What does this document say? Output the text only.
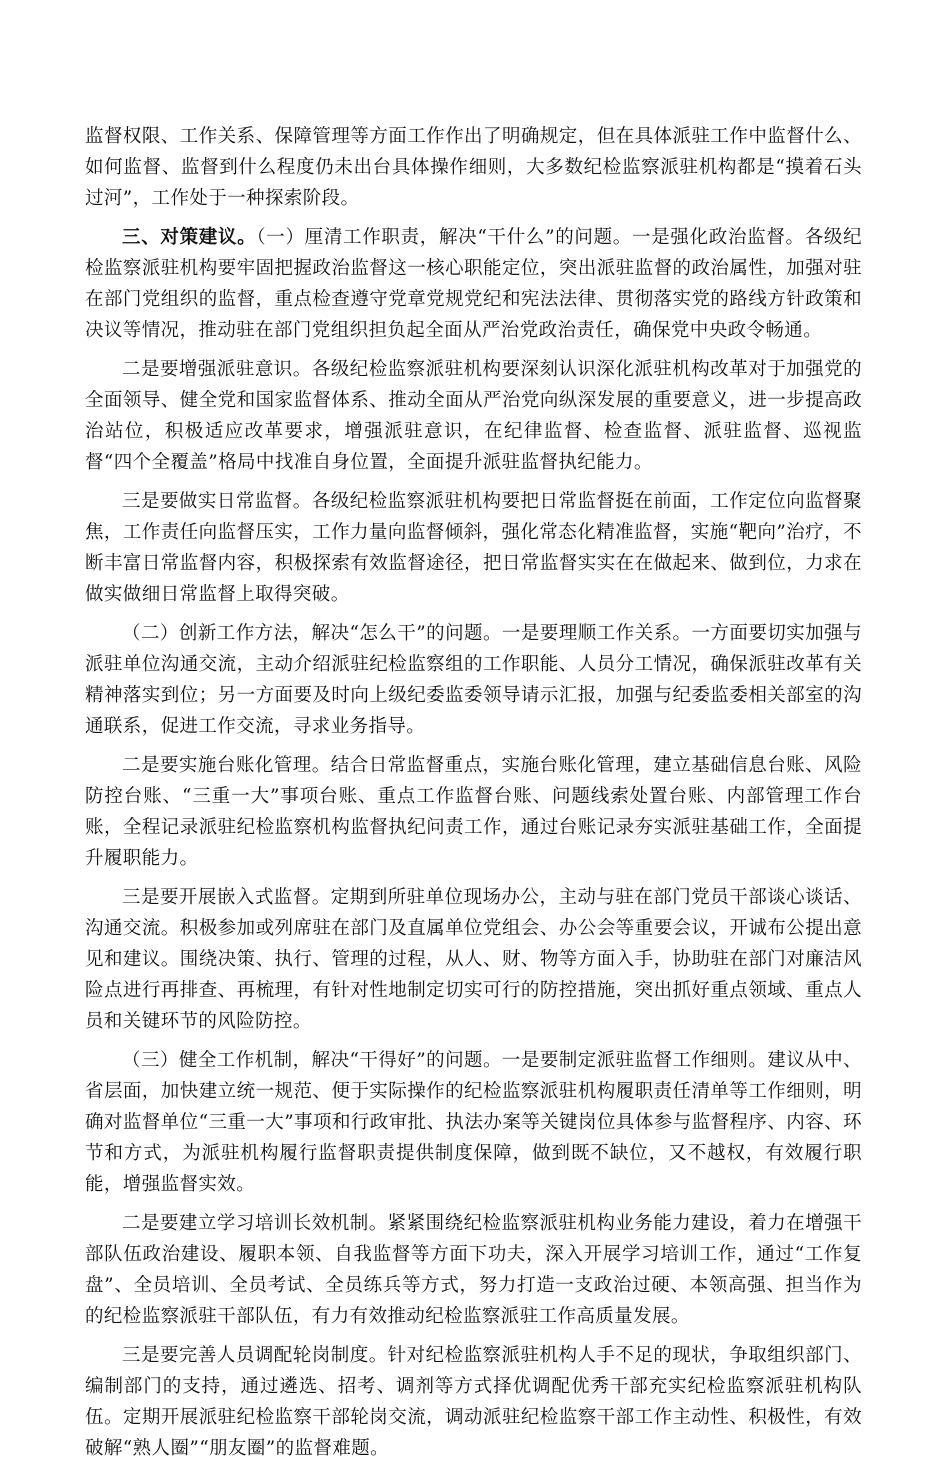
监督权限、工作关系、保障管理等方面工作作出了明确规定，但在具体派驻工作中监督什么、如何监督、监督到什么程度仍未出台具体操作细则，大多数纪检监察派驻机构都是“摸着石头过河”，工作处于一种探索阶段。

三、对策建议。（一）厘清工作职责，解决“干什么”的问题。一是强化政治监督。各级纪检监察派驻机构要牢固把握政治监督这一核心职能定位，突出派驻监督的政治属性，加强对驻在部门党组织的监督，重点检查遵守党章党规党纪和宪法法律、贯彻落实党的路线方针政策和决议等情况，推动驻在部门党组织担负起全面从严治党政治责任，确保党中央政令畅通。

二是要增强派驻意识。各级纪检监察派驻机构要深刻认识深化派驻机构改革对于加强党的全面领导、健全党和国家监督体系、推动全面从严治党向纵深发展的重要意义，进一步提高政治站位，积极适应改革要求，增强派驻意识，在纪律监督、检查监督、派驻监督、巡视监督“四个全覆盖”格局中找准自身位置，全面提升派驻监督执纪能力。

三是要做实日常监督。各级纪检监察派驻机构要把日常监督挺在前面，工作定位向监督聚焦，工作责任向监督压实，工作力量向监督倾斜，强化常态化精准监督，实施“靶向”治疗，不断丰富日常监督内容，积极探索有效监督途径，把日常监督实实在在做起来、做到位，力求在做实做细日常监督上取得突破。

（二）创新工作方法，解决“怎么干”的问题。一是要理顺工作关系。一方面要切实加强与派驻单位沟通交流，主动介绍派驻纪检监察组的工作职能、人员分工情况，确保派驻改革有关精神落实到位；另一方面要及时向上级纪委监委领导请示汇报，加强与纪委监委相关部室的沟通联系，促进工作交流，寻求业务指导。

二是要实施台账化管理。结合日常监督重点，实施台账化管理，建立基础信息台账、风险防控台账、“三重一大”事项台账、重点工作监督台账、问题线索处置台账、内部管理工作台账，全程记录派驻纪检监察机构监督执纪问责工作，通过台账记录夯实派驻基础工作，全面提升履职能力。

三是要开展嵌入式监督。定期到所驻单位现场办公，主动与驻在部门党员干部谈心谈话、沟通交流。积极参加或列席驻在部门及直属单位党组会、办公会等重要会议，开诚布公提出意见和建议。围绕决策、执行、管理的过程，从人、财、物等方面入手，协助驻在部门对廉洁风险点进行再排查、再梳理，有针对性地制定切实可行的防控措施，突出抓好重点领域、重点人员和关键环节的风险防控。

（三）健全工作机制，解决“干得好”的问题。一是要制定派驻监督工作细则。建议从中、省层面，加快建立统一规范、便于实际操作的纪检监察派驻机构履职责任清单等工作细则，明确对监督单位“三重一大”事项和行政审批、执法办案等关键岗位具体参与监督程序、内容、环节和方式，为派驻机构履行监督职责提供制度保障，做到既不缺位，又不越权，有效履行职能，增强监督实效。

二是要建立学习培训长效机制。紧紧围绕纪检监察派驻机构业务能力建设，着力在增强干部队伍政治建设、履职本领、自我监督等方面下功夫，深入开展学习培训工作，通过“工作复盘”、全员培训、全员考试、全员练兵等方式，努力打造一支政治过硬、本领高强、担当作为的纪检监察派驻干部队伍，有力有效推动纪检监察派驻工作高质量发展。

三是要完善人员调配轮岗制度。针对纪检监察派驻机构人手不足的现状，争取组织部门、编制部门的支持，通过遴选、招考、调剂等方式择优调配优秀干部充实纪检监察派驻机构队伍。定期开展派驻纪检监察干部轮岗交流，调动派驻纪检监察干部工作主动性、积极性，有效破解“熟人圈”“朋友圈”的监督难题。
